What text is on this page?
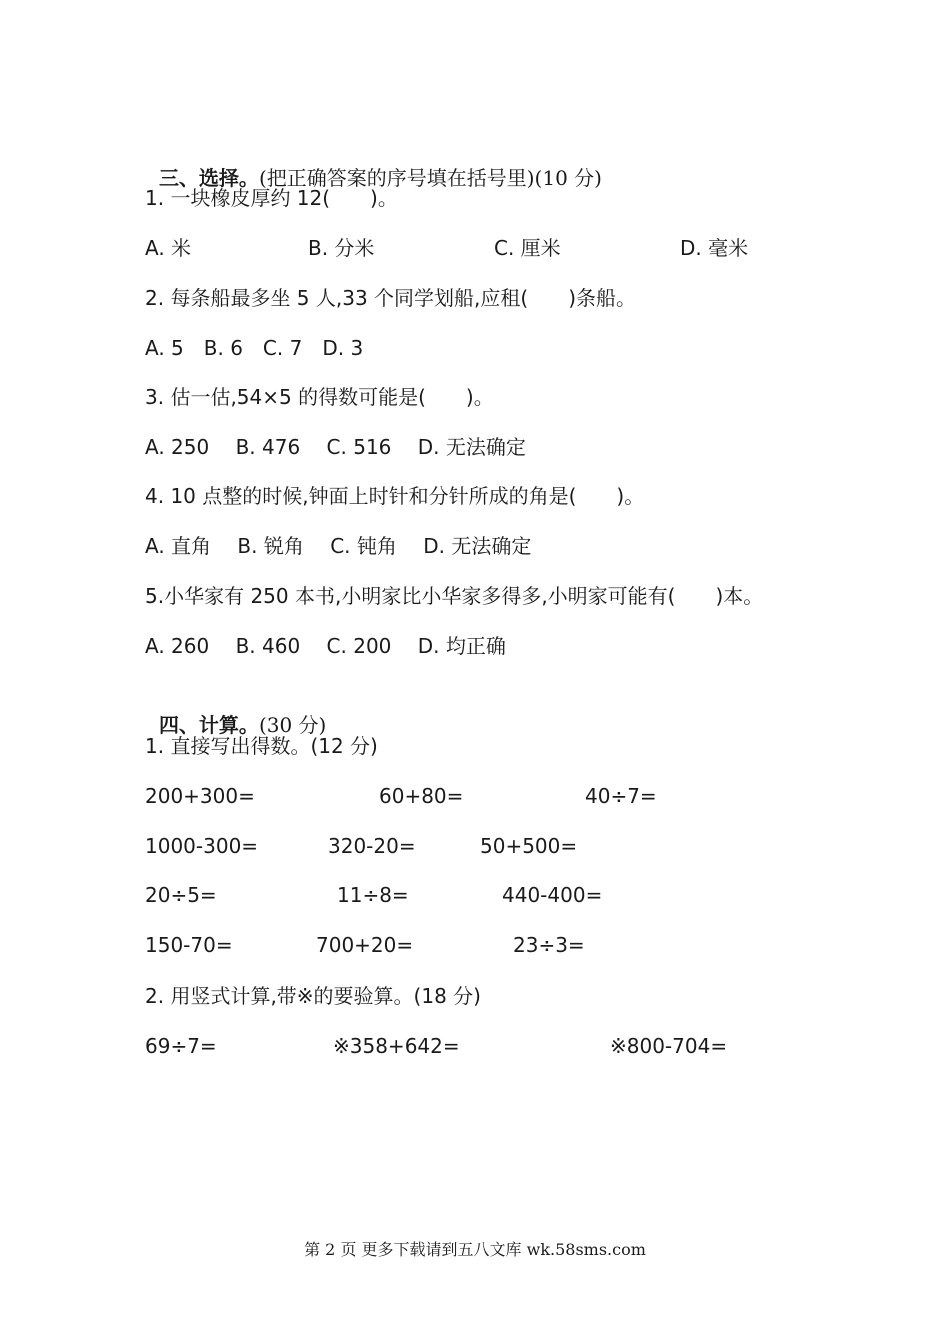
三、选择。(把正确答案的序号填在括号里)(10 分)

1. 一块橡皮厚约 12(　　)。
A. 米	B. 分米	C. 厘米	D. 毫米
2. 每条船最多坐 5 人,33 个同学划船,应租(　　)条船。
A. 5　B. 6　C. 7　D. 3
3. 估一估,54×5 的得数可能是(　　)。
A. 250　 B. 476　 C. 516　 D. 无法确定
4. 10 点整的时候,钟面上时针和分针所成的角是(　　)。
A. 直角　 B. 锐角　 C. 钝角　 D. 无法确定
5.小华家有 250 本书,小明家比小华家多得多,小明家可能有(　　)本。
A. 260　 B. 460　 C. 200　 D. 均正确

四、计算。(30 分)

1. 直接写出得数。(12 分)
200+300=	60+80=	40÷7=
1000-300=	320-20=	50+500=
20÷5=	11÷8=	440-400=
150-70=	700+20=	23÷3=
2. 用竖式计算,带※的要验算。(18 分)
69÷7=	※358+642=	※800-704=
第 2 页 更多下载请到五八文库 wk.58sms.com
